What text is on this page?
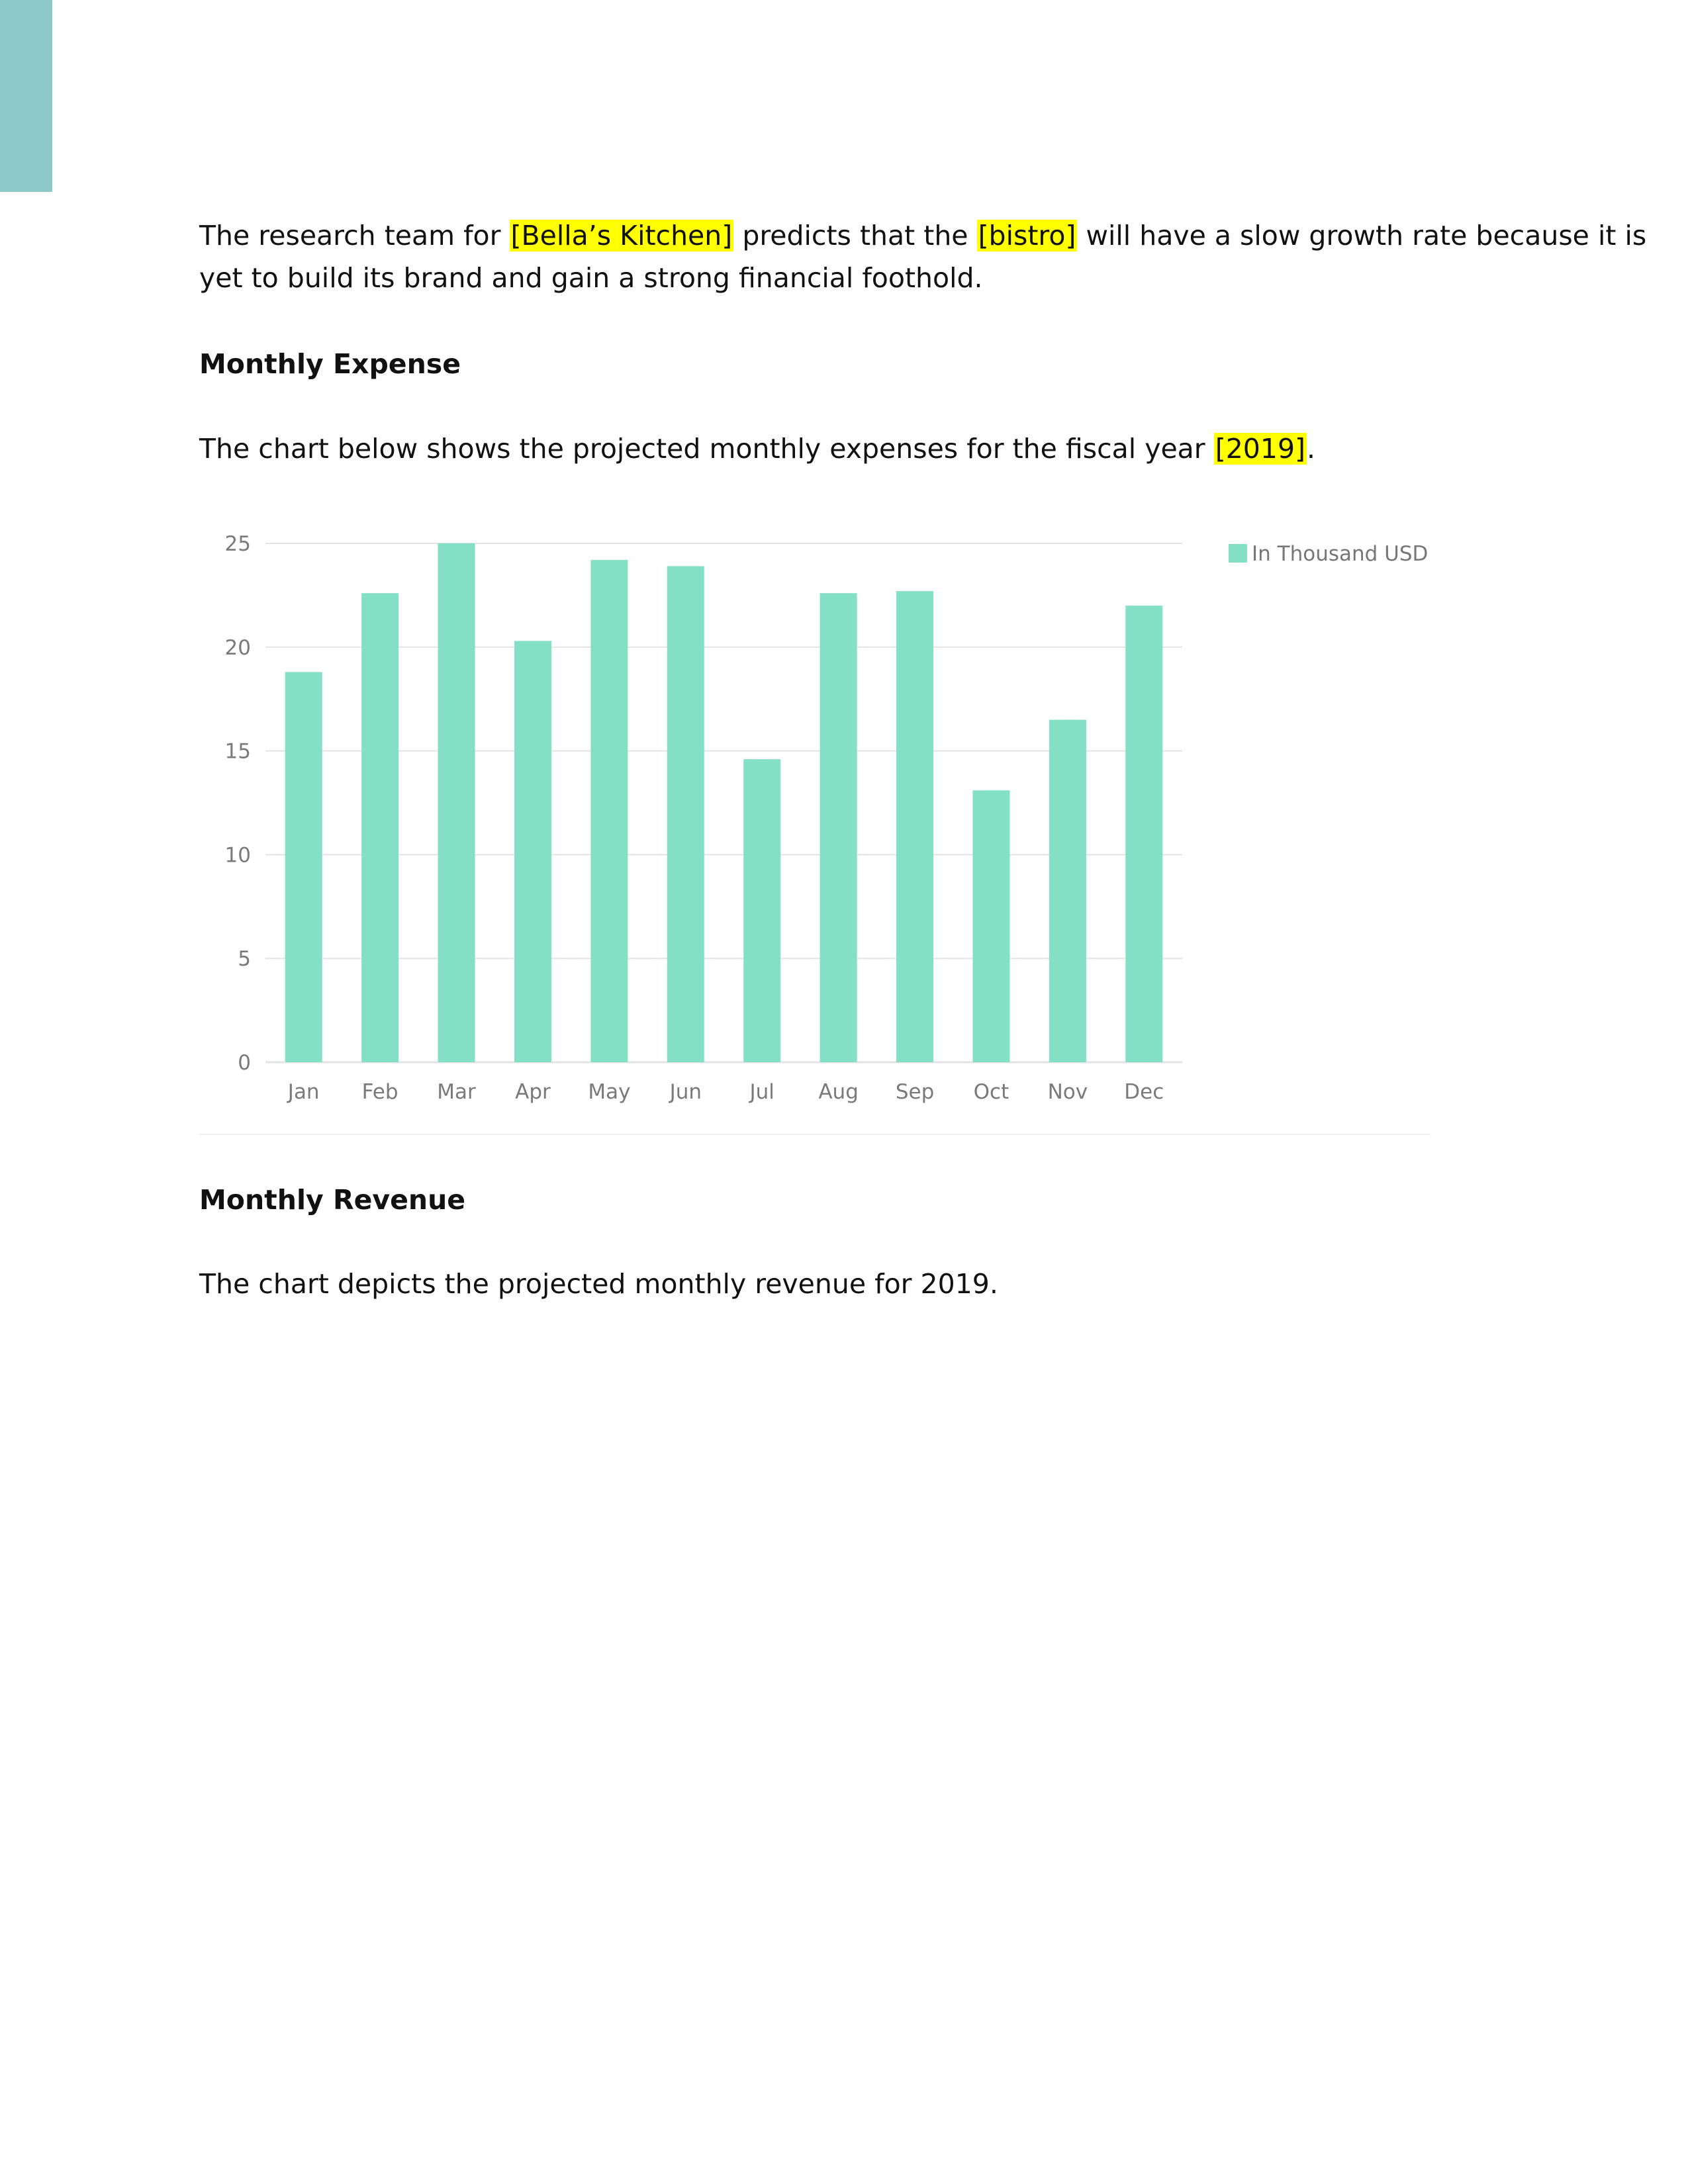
The research team for [Bella’s Kitchen] predicts that the [bistro] will have a slow growth rate because it is
yet to build its brand and gain a strong financial foothold.

Monthly Expense

The chart below shows the projected monthly expenses for the fiscal year [2019].

Monthly Revenue

The chart depicts the projected monthly revenue for 2019.

0
5
10
15
20
25
Jan Feb Mar Apr May Jun Jul Aug Sep Oct Nov Dec
In Thousand USD
